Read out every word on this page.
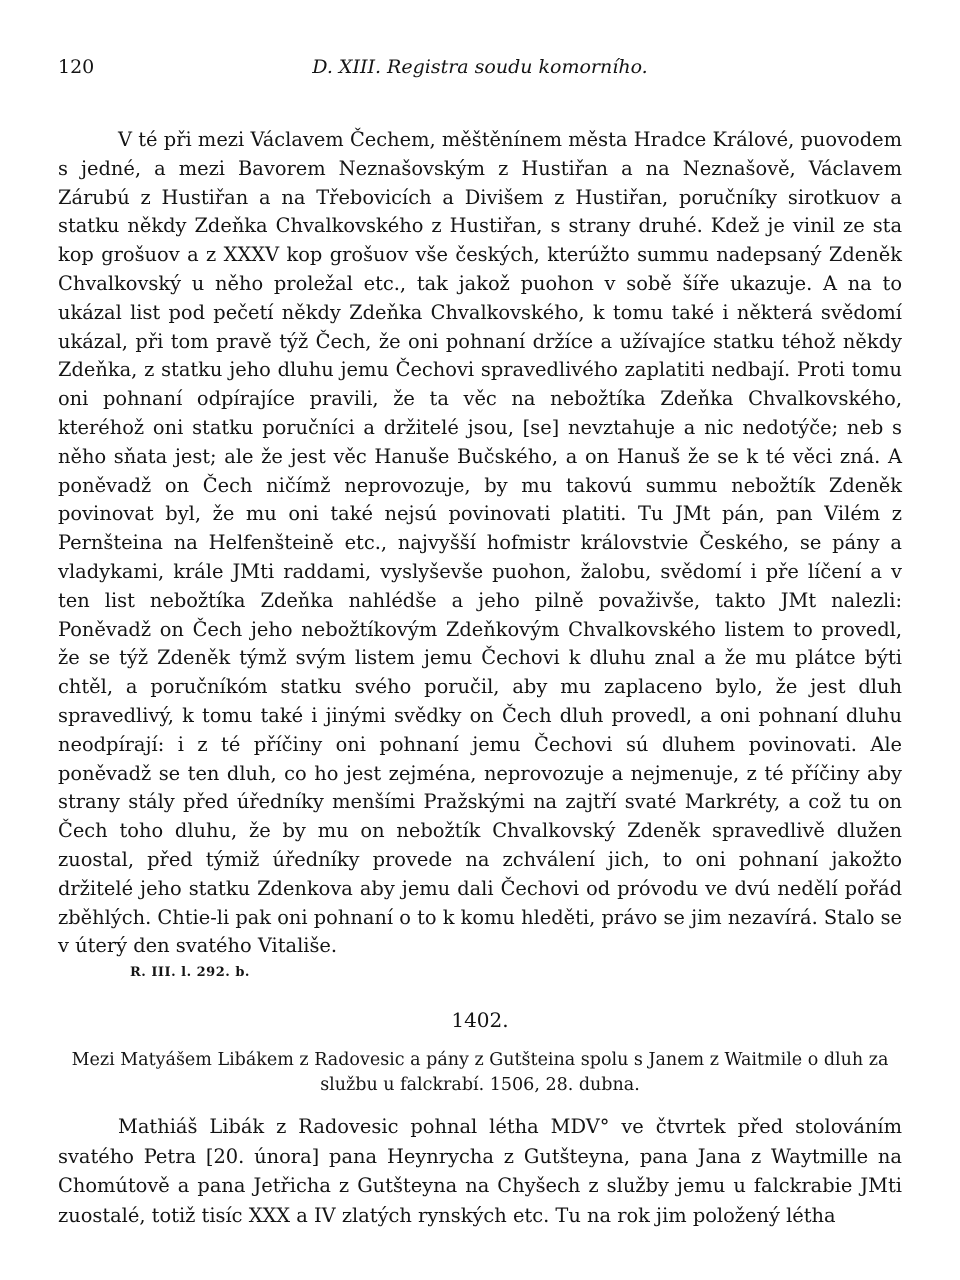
120	D. XIII. Registra soudu komorního.

V té při mezi Václavem Čechem, měštěnínem města Hradce Králové, puovodem s jedné, a mezi Bavorem Neznašovským z Hustiřan a na Neznašově, Václavem Zárubú z Hustiřan a na Třebovicích a Divišem z Hustiřan, poručníky sirotkuov a statku někdy Zdeňka Chvalkovského z Hustiřan, s strany druhé. Kdež je vinil ze sta kop grošuov a z XXXV kop grošuov vše českých, kterúžto summu nadepsaný Zdeněk Chvalkovský u něho proležal etc., tak jakož puohon v sobě šíře ukazuje. A na to ukázal list pod pečetí někdy Zdeňka Chvalkovského, k tomu také i některá svědomí ukázal, při tom pravě týž Čech, že oni pohnaní držíce a užívajíce statku téhož někdy Zdeňka, z statku jeho dluhu jemu Čechovi spravedlivého zaplatiti nedbají. Proti tomu oni pohnaní odpírajíce pravili, že ta věc na nebožtíka Zdeňka Chvalkovského, kteréhož oni statku poručníci a držitelé jsou, [se] nevztahuje a nic nedotýče; neb s něho sňata jest; ale že jest věc Hanuše Bučského, a on Hanuš že se k té věci zná. A poněvadž on Čech ničímž neprovozuje, by mu takovú summu nebožtík Zdeněk povinovat byl, že mu oni také nejsú povinovati platiti. Tu JMt pán, pan Vilém z Pernšteina na Helfenšteině etc., najvyšší hofmistr královstvie Českého, se pány a vladykami, krále JMti raddami, vyslyševše puohon, žalobu, svědomí i pře líčení a v ten list nebožtíka Zdeňka nahlédše a jeho pilně považivše, takto JMt nalezli: Poněvadž on Čech jeho nebožtíkovým Zdeňkovým Chvalkovského listem to provedl, že se týž Zdeněk týmž svým listem jemu Čechovi k dluhu znal a že mu plátce býti chtěl, a poručníkóm statku svého poručil, aby mu zaplaceno bylo, že jest dluh spravedlivý, k tomu také i jinými svědky on Čech dluh provedl, a oni pohnaní dluhu neodpírají: i z té příčiny oni pohnaní jemu Čechovi sú dluhem povinovati. Ale poněvadž se ten dluh, co ho jest zejména, neprovozuje a nejmenuje, z té příčiny aby strany stály před úředníky menšími Pražskými na zajtří svaté Markréty, a což tu on Čech toho dluhu, že by mu on nebožtík Chvalkovský Zdeněk spravedlivě dlužen zuostal, před týmiž úředníky provede na zchválení jich, to oni pohnaní jakožto držitelé jeho statku Zdenkova aby jemu dali Čechovi od próvodu ve dvú nedělí pořád zběhlých. Chtie-li pak oni pohnaní o to k komu hleděti, právo se jim nezavírá. Stalo se v úterý den svatého Vitališe.

R. III. l. 292. b.
1402.
Mezi Matyášem Libákem z Radovesic a pány z Gutšteina spolu s Janem z Waitmile o dluh za službu u falckrabí. 1506, 28. dubna.
Mathiáš Libák z Radovesic pohnal létha MDV° ve čtvrtek před stolováním svatého Petra [20. února] pana Heynrycha z Gutšteyna, pana Jana z Waytmille na Chomútově a pana Jetřicha z Gutšteyna na Chyšech z služby jemu u falckrabie JMti zuostalé, totiž tisíc XXX a IV zlatých rynských etc. Tu na rok jim položený létha
